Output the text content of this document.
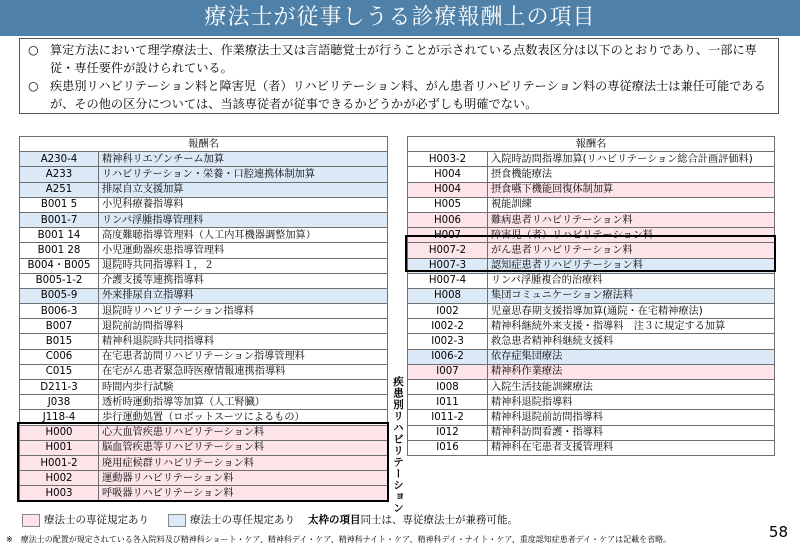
療法士が従事しうる診療報酬上の項目
○ 算定方法において理学療法士、作業療法士又は言語聴覚士が行うことが示されている点数表区分は以下のとおりであり、一部に専従・専任要件が設けられている。
○ 疾患別リハビリテーション料と障害児（者）リハビリテーション料、がん患者リハビリテーション料の専従療法士は兼任可能であるが、その他の区分については、当該専従者が従事できるかどうかが必ずしも明確でない。
報酬名	
A230-4	精神科リエゾンチーム加算
A233	リハビリテーション・栄養・口腔連携体制加算
A251	排尿自立支援加算
B001 5	小児科療養指導料
B001-7	リンパ浮腫指導管理料
B001 14	高度難聴指導管理料（人工内耳機器調整加算）
B001 28	小児運動器疾患指導管理料
B004・B005	退院時共同指導料１，２
B005-1-2	介護支援等連携指導料
B005-9	外来排尿自立指導料
B006-3	退院時リハビリテーション指導料
B007	退院前訪問指導料
B015	精神科退院時共同指導料
C006	在宅患者訪問リハビリテーション指導管理料
C015	在宅がん患者緊急時医療情報連携指導料
D211-3	時間内歩行試験
J038	透析時運動指導等加算（人工腎臓）
J118-4	歩行運動処置（ロボットスーツによるもの）
H000	心大血管疾患リハビリテーション料
H001	脳血管疾患等リハビリテーション料
H001-2	廃用症候群リハビリテーション料
H002	運動器リハビリテーション料
H003	呼吸器リハビリテーション料
報酬名	
H003-2	入院時訪問指導加算(リハビリテーション総合計画評価料)
H004	摂食機能療法
H004	摂食嚥下機能回復体制加算
H005	視能訓練
H006	難病患者リハビリテーション料
H007	障害児（者）リハビリテーション料
H007-2	がん患者リハビリテーション料
H007-3	認知症患者リハビリテーション料
H007-4	リンパ浮腫複合的治療料
H008	集団コミュニケーション療法料
I002	児童思春期支援指導加算(通院・在宅精神療法)
I002-2	精神科継続外来支援・指導料　注３に規定する加算
I002-3	救急患者精神科継続支援料
I006-2	依存症集団療法
I007	精神科作業療法
I008	入院生活技能訓練療法
I011	精神科退院指導料
I011-2	精神科退院前訪問指導料
I012	精神科訪問看護・指導料
I016	精神科在宅患者支援管理料
疾患別リハビリテーション
療法士の専従規定あり	療法士の専任規定あり 太枠の項目同士は、専従療法士が兼務可能。
※　療法士の配置が規定されている各入院料及び精神科ショート・ケア、精神科デイ・ケア、精神科ナイト・ケア、精神科デイ・ナイト・ケア、重度認知症患者デイ・ケアは記載を省略。	58
